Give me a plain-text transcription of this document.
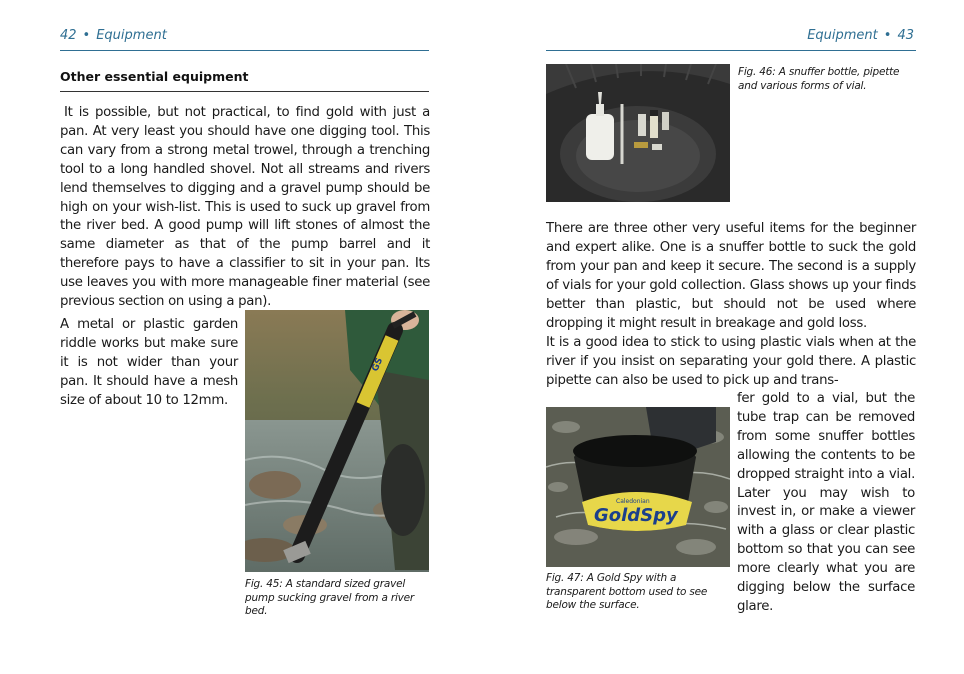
42 • Equipment
Other essential equipment

It is possible, but not practical, to find gold with just a pan. At very least you should have one digging tool. This can vary from a strong metal trowel, through a trenching tool to a long handled shovel. Not all streams and rivers lend themselves to digging and a gravel pump should be high on your wish-list. This is used to suck up gravel from the river bed. A good pump will lift stones of almost the same diameter as that of the pump barrel and it therefore pays to have a classifier to sit in your pan. Its use leaves you with more manageable finer material (see previous section on using a pan).

A metal or plastic garden riddle works but make sure it is not wider than your pan. It should have a mesh size of about 10 to 12mm.

GS
Fig. 45: A standard sized gravel pump sucking gravel from a river bed.
Equipment • 43
Fig. 46: A snuffer bottle, pipette and various forms of vial.

There are three other very useful items for the beginner and expert alike. One is a snuffer bottle to suck the gold from your pan and keep it secure. The second is a supply of vials for your gold collection. Glass shows up your finds better than plastic, but should not be used where dropping it might result in breakage and gold loss.

It is a good idea to stick to using plastic vials when at the river if you insist on separating your gold there. A plastic pipette can also be used to pick up and trans-

fer gold to a vial, but the tube trap can be removed from some snuffer bottles allowing the contents to be dropped straight into a vial. Later you may wish to invest in, or make a viewer with a glass or clear plastic bottom so that you can see more clearly what you are digging below the surface glare.

Caledonian
GoldSpy
Fig. 47: A Gold Spy with a transparent bottom used to see below the surface.
